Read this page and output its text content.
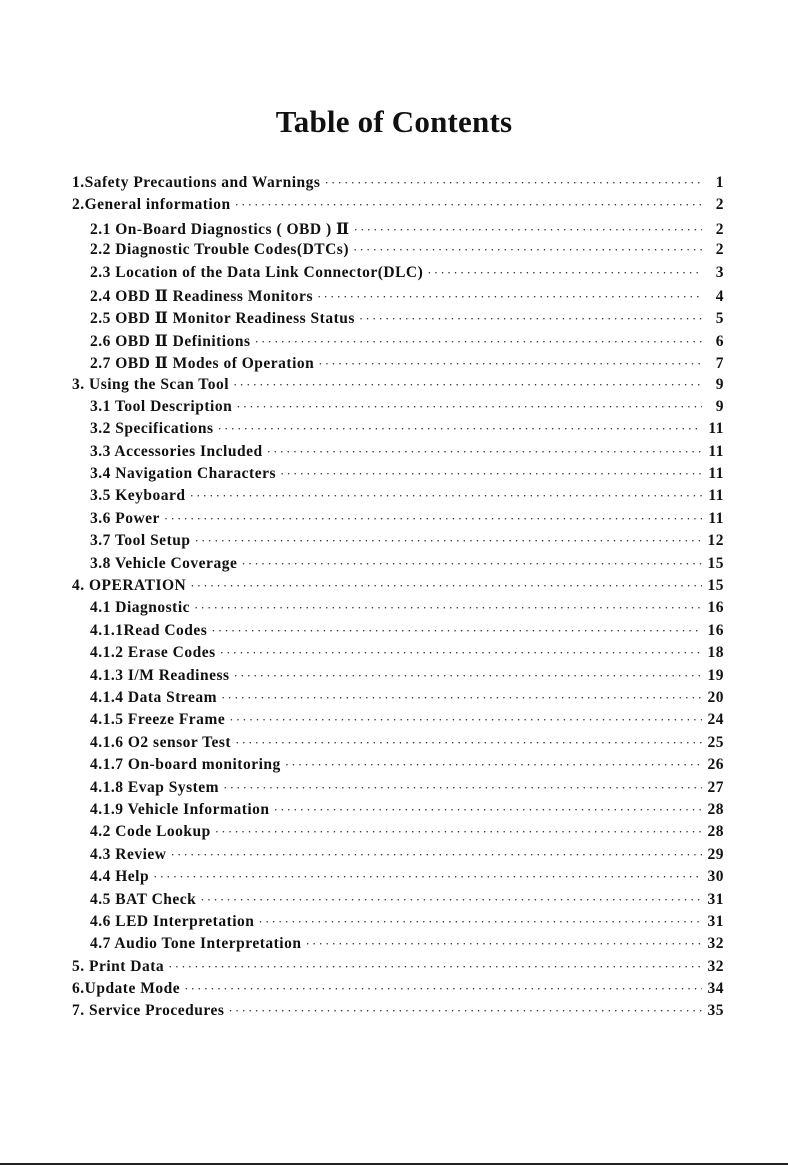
Table of Contents
1.Safety Precautions and Warnings ·····	1
2.General information ·····	2
2.1 On-Board Diagnostics ( OBD ) Ⅱ ·····	2
2.2 Diagnostic Trouble Codes(DTCs) ·····	2
2.3 Location of the Data Link Connector(DLC) ·····	3
2.4 OBD Ⅱ Readiness Monitors ·····	4
2.5 OBD Ⅱ Monitor Readiness Status ·····	5
2.6 OBD Ⅱ Definitions ·····	6
2.7 OBD Ⅱ Modes of Operation ·····	7
3. Using the Scan Tool ·····	9
3.1 Tool Description ·····	9
3.2 Specifications ·····	11
3.3 Accessories Included ·····	11
3.4 Navigation Characters ·····	11
3.5 Keyboard ·····	11
3.6 Power ·····	11
3.7 Tool Setup ·····	12
3.8 Vehicle Coverage ·····	15
4. OPERATION ·····	15
4.1 Diagnostic ·····	16
4.1.1Read Codes ·····	16
4.1.2 Erase Codes ·····	18
4.1.3 I/M Readiness ·····	19
4.1.4 Data Stream ·····	20
4.1.5 Freeze Frame ·····	24
4.1.6 O2 sensor Test ·····	25
4.1.7 On-board monitoring ·····	26
4.1.8 Evap System ·····	27
4.1.9 Vehicle Information ·····	28
4.2 Code Lookup ·····	28
4.3 Review ·····	29
4.4 Help ·····	30
4.5 BAT Check ·····	31
4.6 LED Interpretation ·····	31
4.7 Audio Tone Interpretation ·····	32
5. Print Data ·····	32
6.Update Mode ·····	34
7. Service Procedures ·····	35
